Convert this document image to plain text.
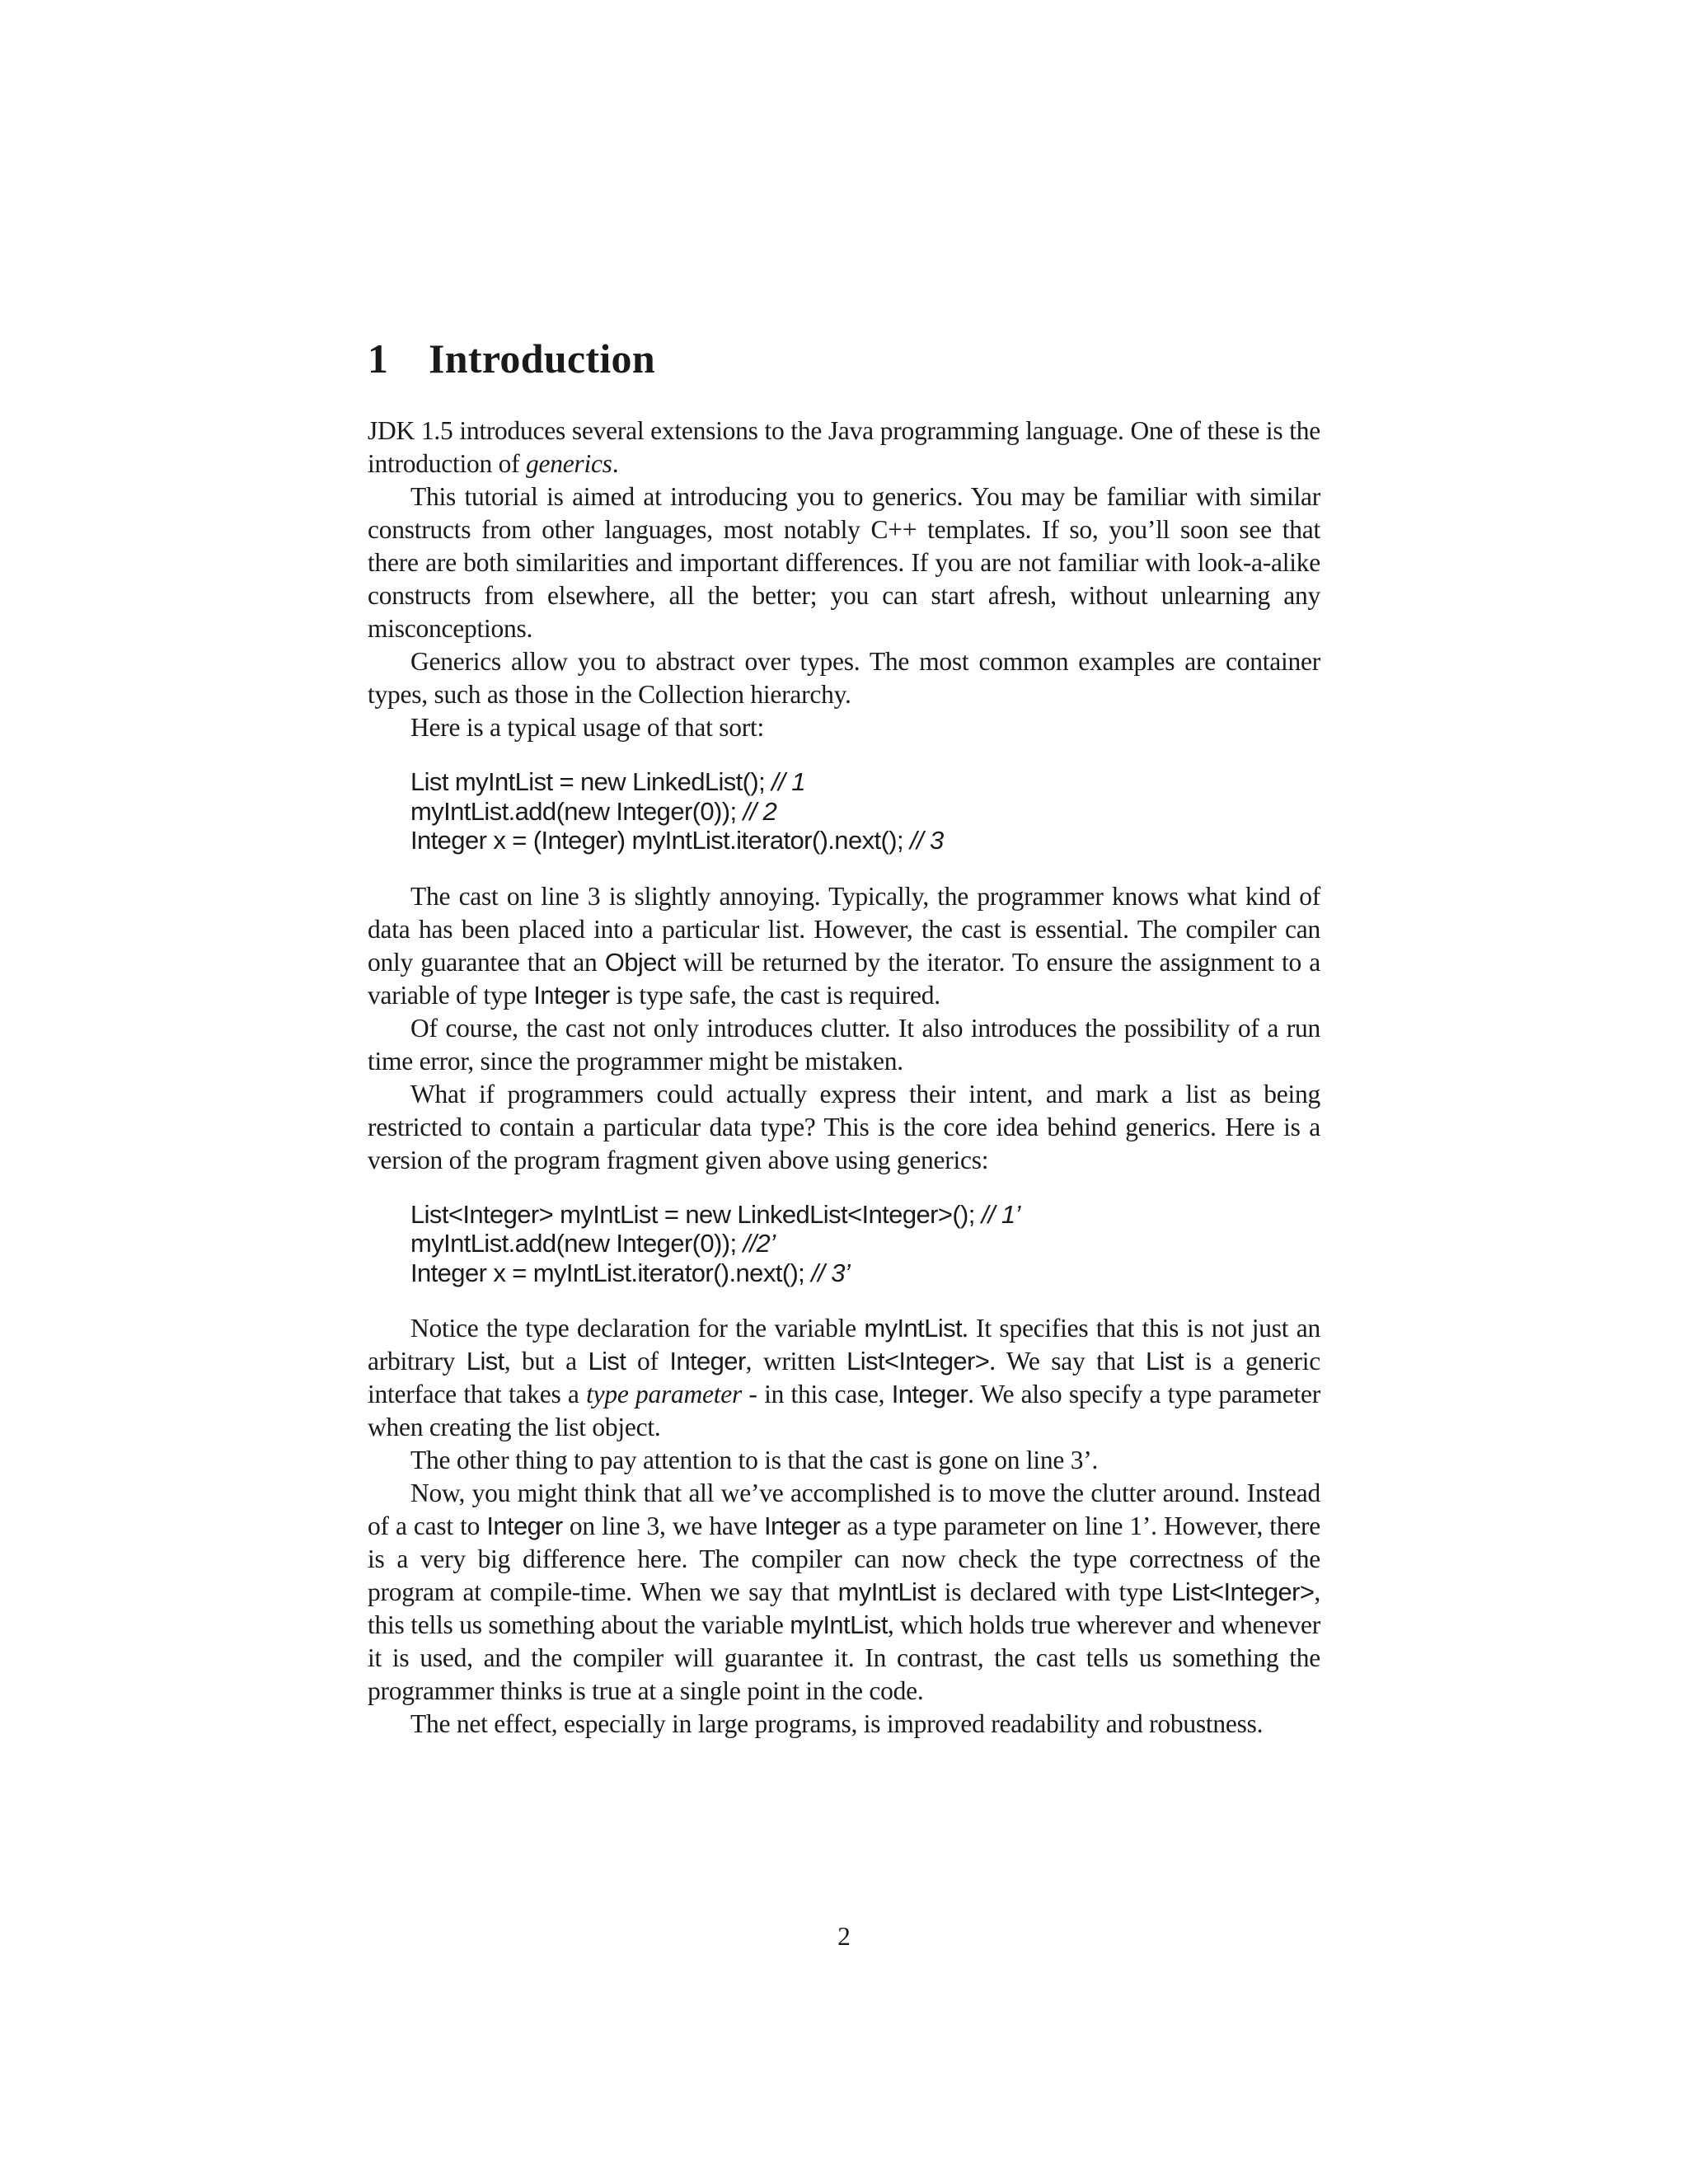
1 Introduction

JDK 1.5 introduces several extensions to the Java programming language. One of these is the introduction of generics.

This tutorial is aimed at introducing you to generics. You may be familiar with similar constructs from other languages, most notably C++ templates. If so, you’ll soon see that there are both similarities and important differences. If you are not familiar with look-a-alike constructs from elsewhere, all the better; you can start afresh, without unlearning any misconceptions.

Generics allow you to abstract over types. The most common examples are container types, such as those in the Collection hierarchy.

Here is a typical usage of that sort:

List myIntList = new LinkedList(); // 1
myIntList.add(new Integer(0)); // 2
Integer x = (Integer) myIntList.iterator().next(); // 3

The cast on line 3 is slightly annoying. Typically, the programmer knows what kind of data has been placed into a particular list. However, the cast is essential. The compiler can only guarantee that an Object will be returned by the iterator. To ensure the assignment to a variable of type Integer is type safe, the cast is required.

Of course, the cast not only introduces clutter. It also introduces the possibility of a run time error, since the programmer might be mistaken.

What if programmers could actually express their intent, and mark a list as being restricted to contain a particular data type? This is the core idea behind generics. Here is a version of the program fragment given above using generics:

List<Integer> myIntList = new LinkedList<Integer>(); // 1’
myIntList.add(new Integer(0)); //2’
Integer x = myIntList.iterator().next(); // 3’

Notice the type declaration for the variable myIntList. It specifies that this is not just an arbitrary List, but a List of Integer, written List<Integer>. We say that List is a generic interface that takes a type parameter - in this case, Integer. We also specify a type parameter when creating the list object.

The other thing to pay attention to is that the cast is gone on line 3’.

Now, you might think that all we’ve accomplished is to move the clutter around. Instead of a cast to Integer on line 3, we have Integer as a type parameter on line 1’. However, there is a very big difference here. The compiler can now check the type correctness of the program at compile-time. When we say that myIntList is declared with type List<Integer>, this tells us something about the variable myIntList, which holds true wherever and whenever it is used, and the compiler will guarantee it. In contrast, the cast tells us something the programmer thinks is true at a single point in the code.

The net effect, especially in large programs, is improved readability and robustness.

2
